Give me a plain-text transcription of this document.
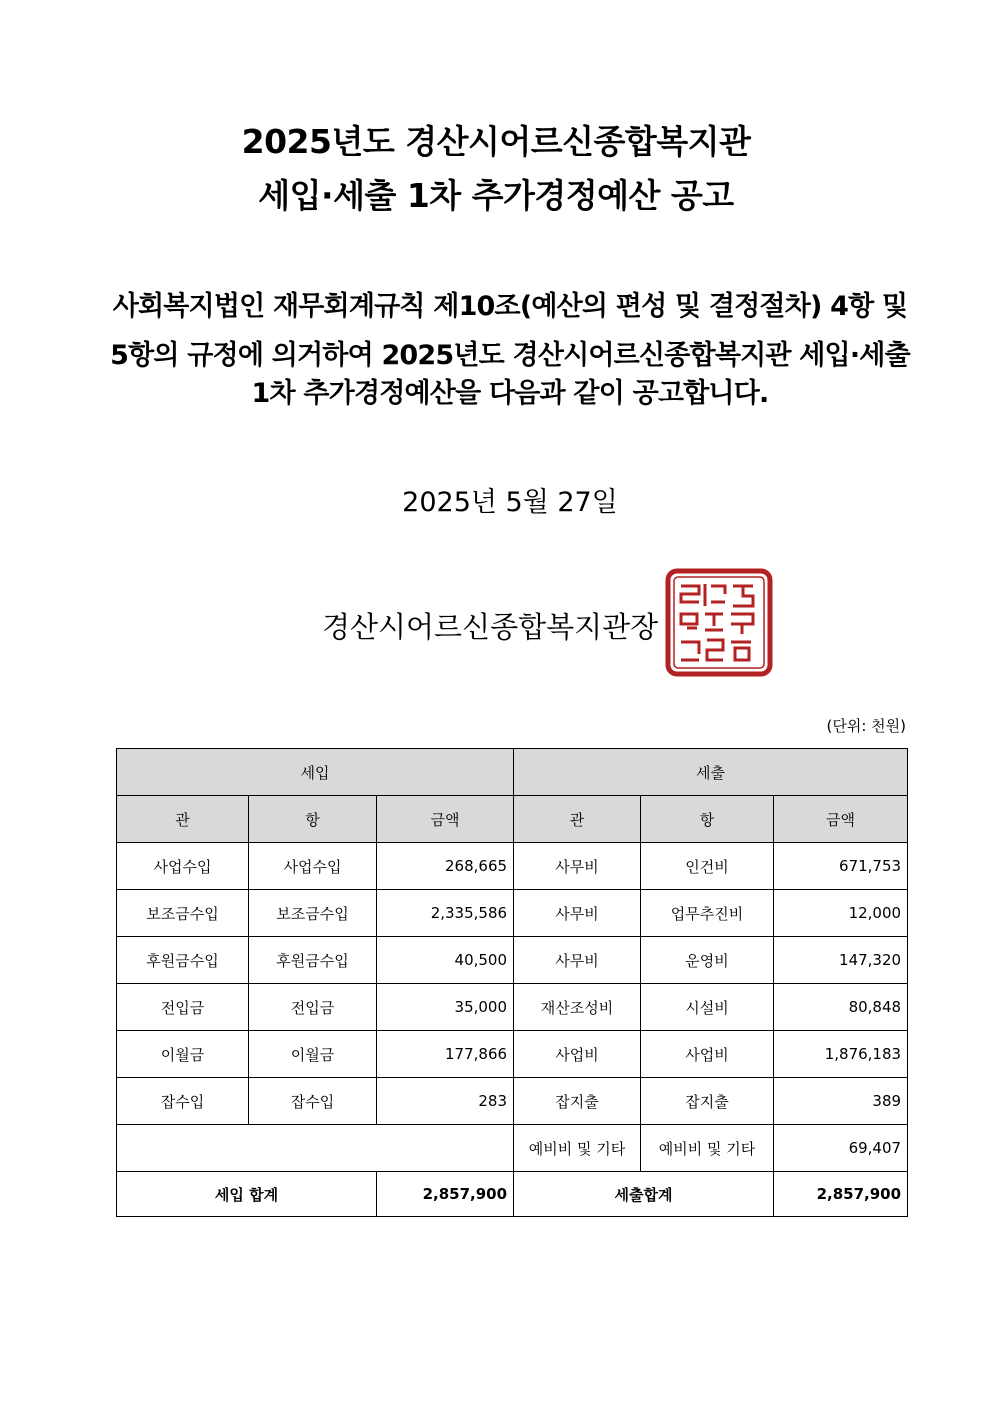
2025년도 경산시어르신종합복지관
세입·세출 1차 추가경정예산 공고
사회복지법인 재무회계규칙 제10조(예산의 편성 및 결정절차) 4항 및
5항의 규정에 의거하여 2025년도 경산시어르신종합복지관 세입·세출
1차 추가경정예산을 다음과 같이 공고합니다.
2025년 5월 27일
경산시어르신종합복지관장
(단위: 천원)
세입			세출		
관	항	금액	관	항	금액
사업수입	사업수입	268,665	사무비	인건비	671,753
보조금수입	보조금수입	2,335,586	사무비	업무추진비	12,000
후원금수입	후원금수입	40,500	사무비	운영비	147,320
전입금	전입금	35,000	재산조성비	시설비	80,848
이월금	이월금	177,866	사업비	사업비	1,876,183
잡수입	잡수입	283	잡지출	잡지출	389
			예비비 및 기타	예비비 및 기타	69,407
세입 합계		2,857,900	세출합계		2,857,900
